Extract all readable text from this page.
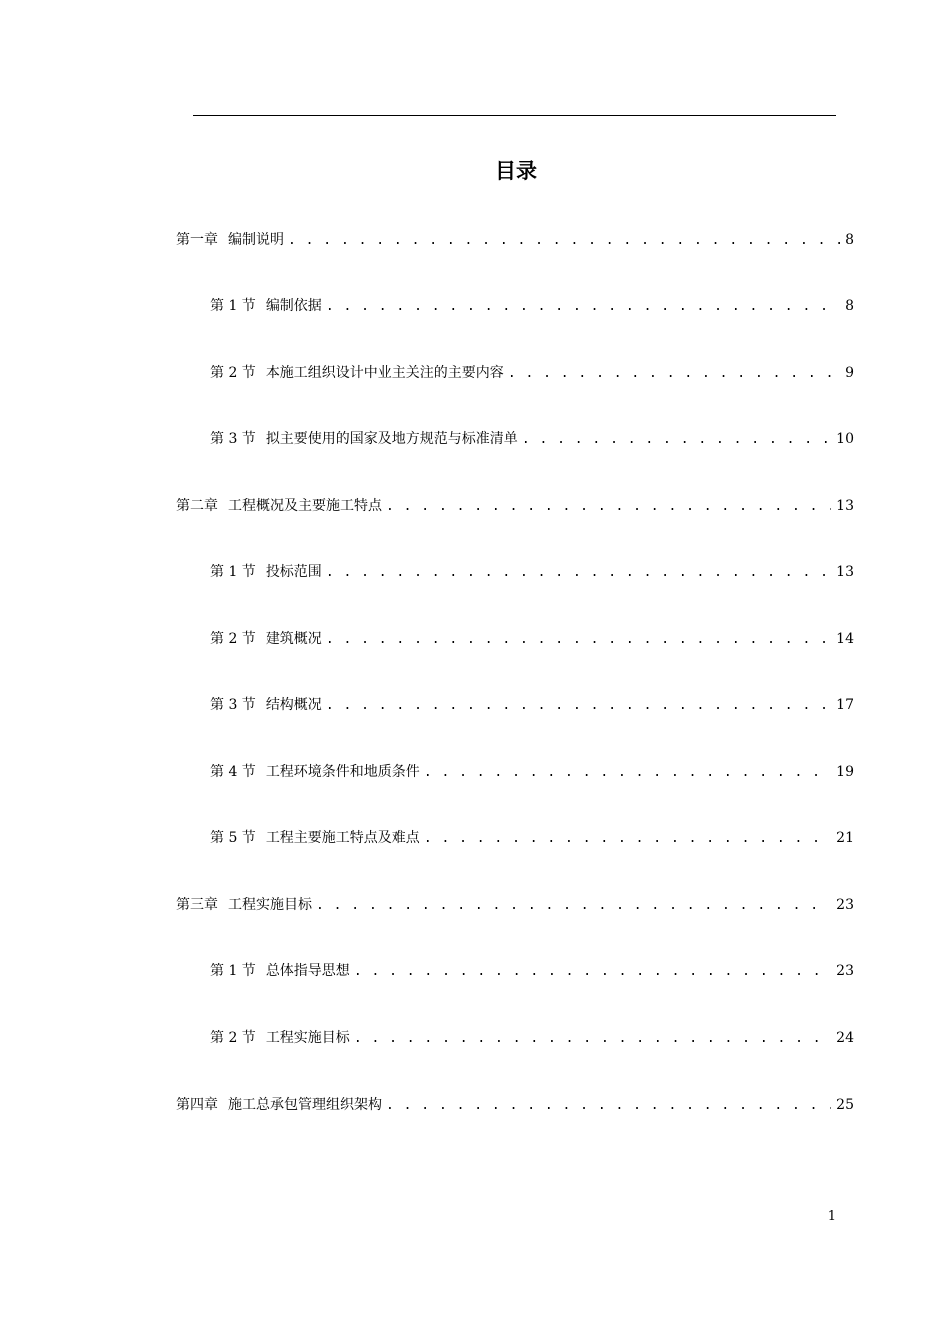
目录
第一章 编制说明 . . .	8
第 1 节 编制依据 . . .	8
第 2 节 本施工组织设计中业主关注的主要内容 . . .	9
第 3 节 拟主要使用的国家及地方规范与标准清单 . . .	10
第二章 工程概况及主要施工特点 . . .	13
第 1 节 投标范围 . . .	13
第 2 节 建筑概况 . . .	14
第 3 节 结构概况 . . .	17
第 4 节 工程环境条件和地质条件 . . .	19
第 5 节 工程主要施工特点及难点 . . .	21
第三章 工程实施目标 . . .	23
第 1 节 总体指导思想 . . .	23
第 2 节 工程实施目标 . . .	24
第四章 施工总承包管理组织架构 . . .	25
1
